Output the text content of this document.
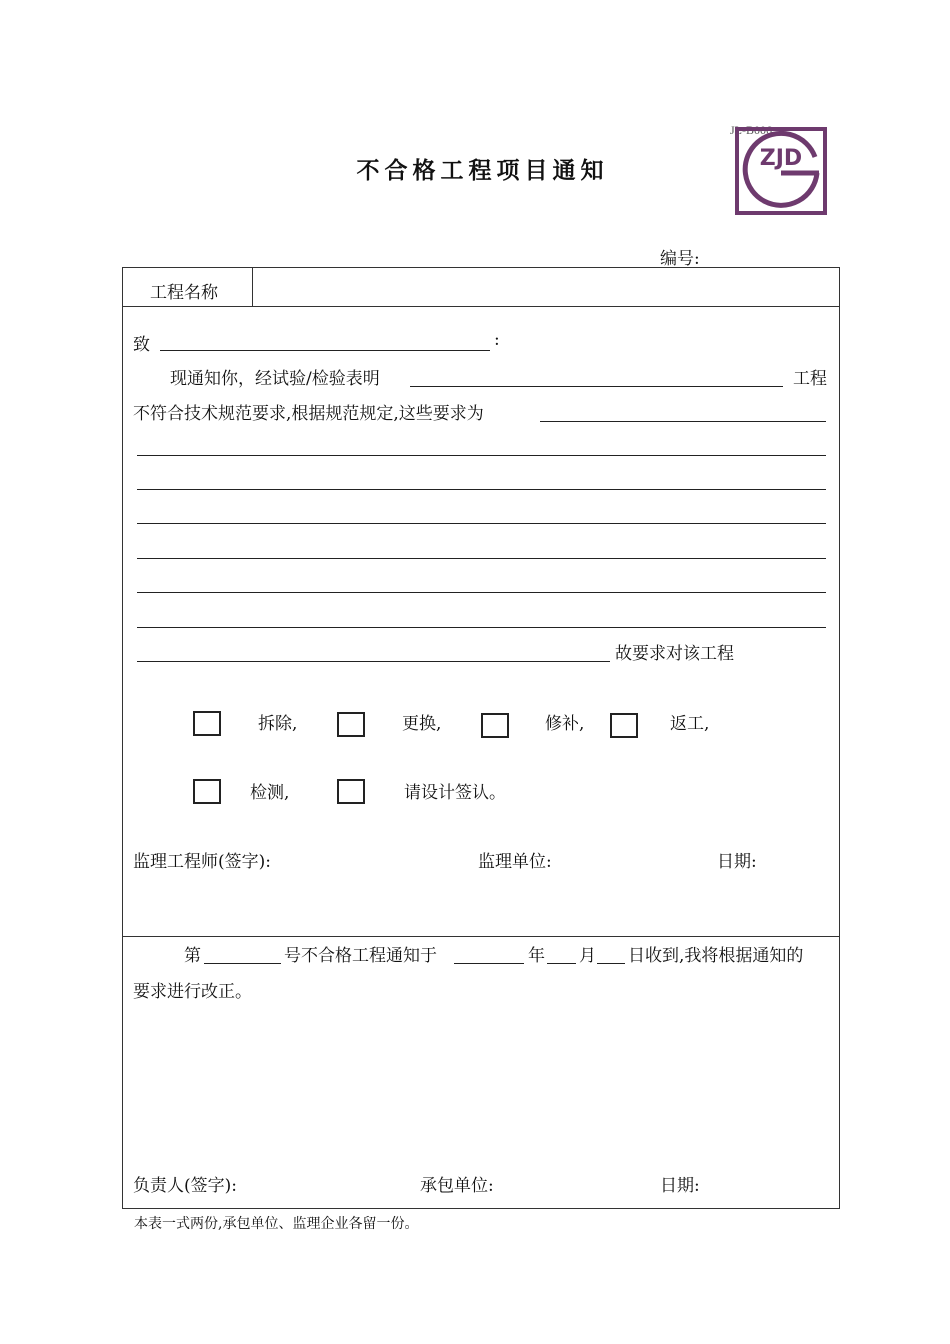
JL-B006
ZJD
不合格工程项目通知
编号:
工程名称
致	:
现通知你，经试验/检验表明	工程
不符合技术规范要求,根据规范规定,这些要求为
故要求对该工程
拆除,	更换,	修补,	返工,
检测,	请设计签认。
监理工程师(签字):	监理单位:	日期:
第	号不合格工程通知于	年 月 日收到,我将根据通知的
要求进行改正。
负责人(签字):	承包单位:	日期:
本表一式两份,承包单位、监理企业各留一份。
